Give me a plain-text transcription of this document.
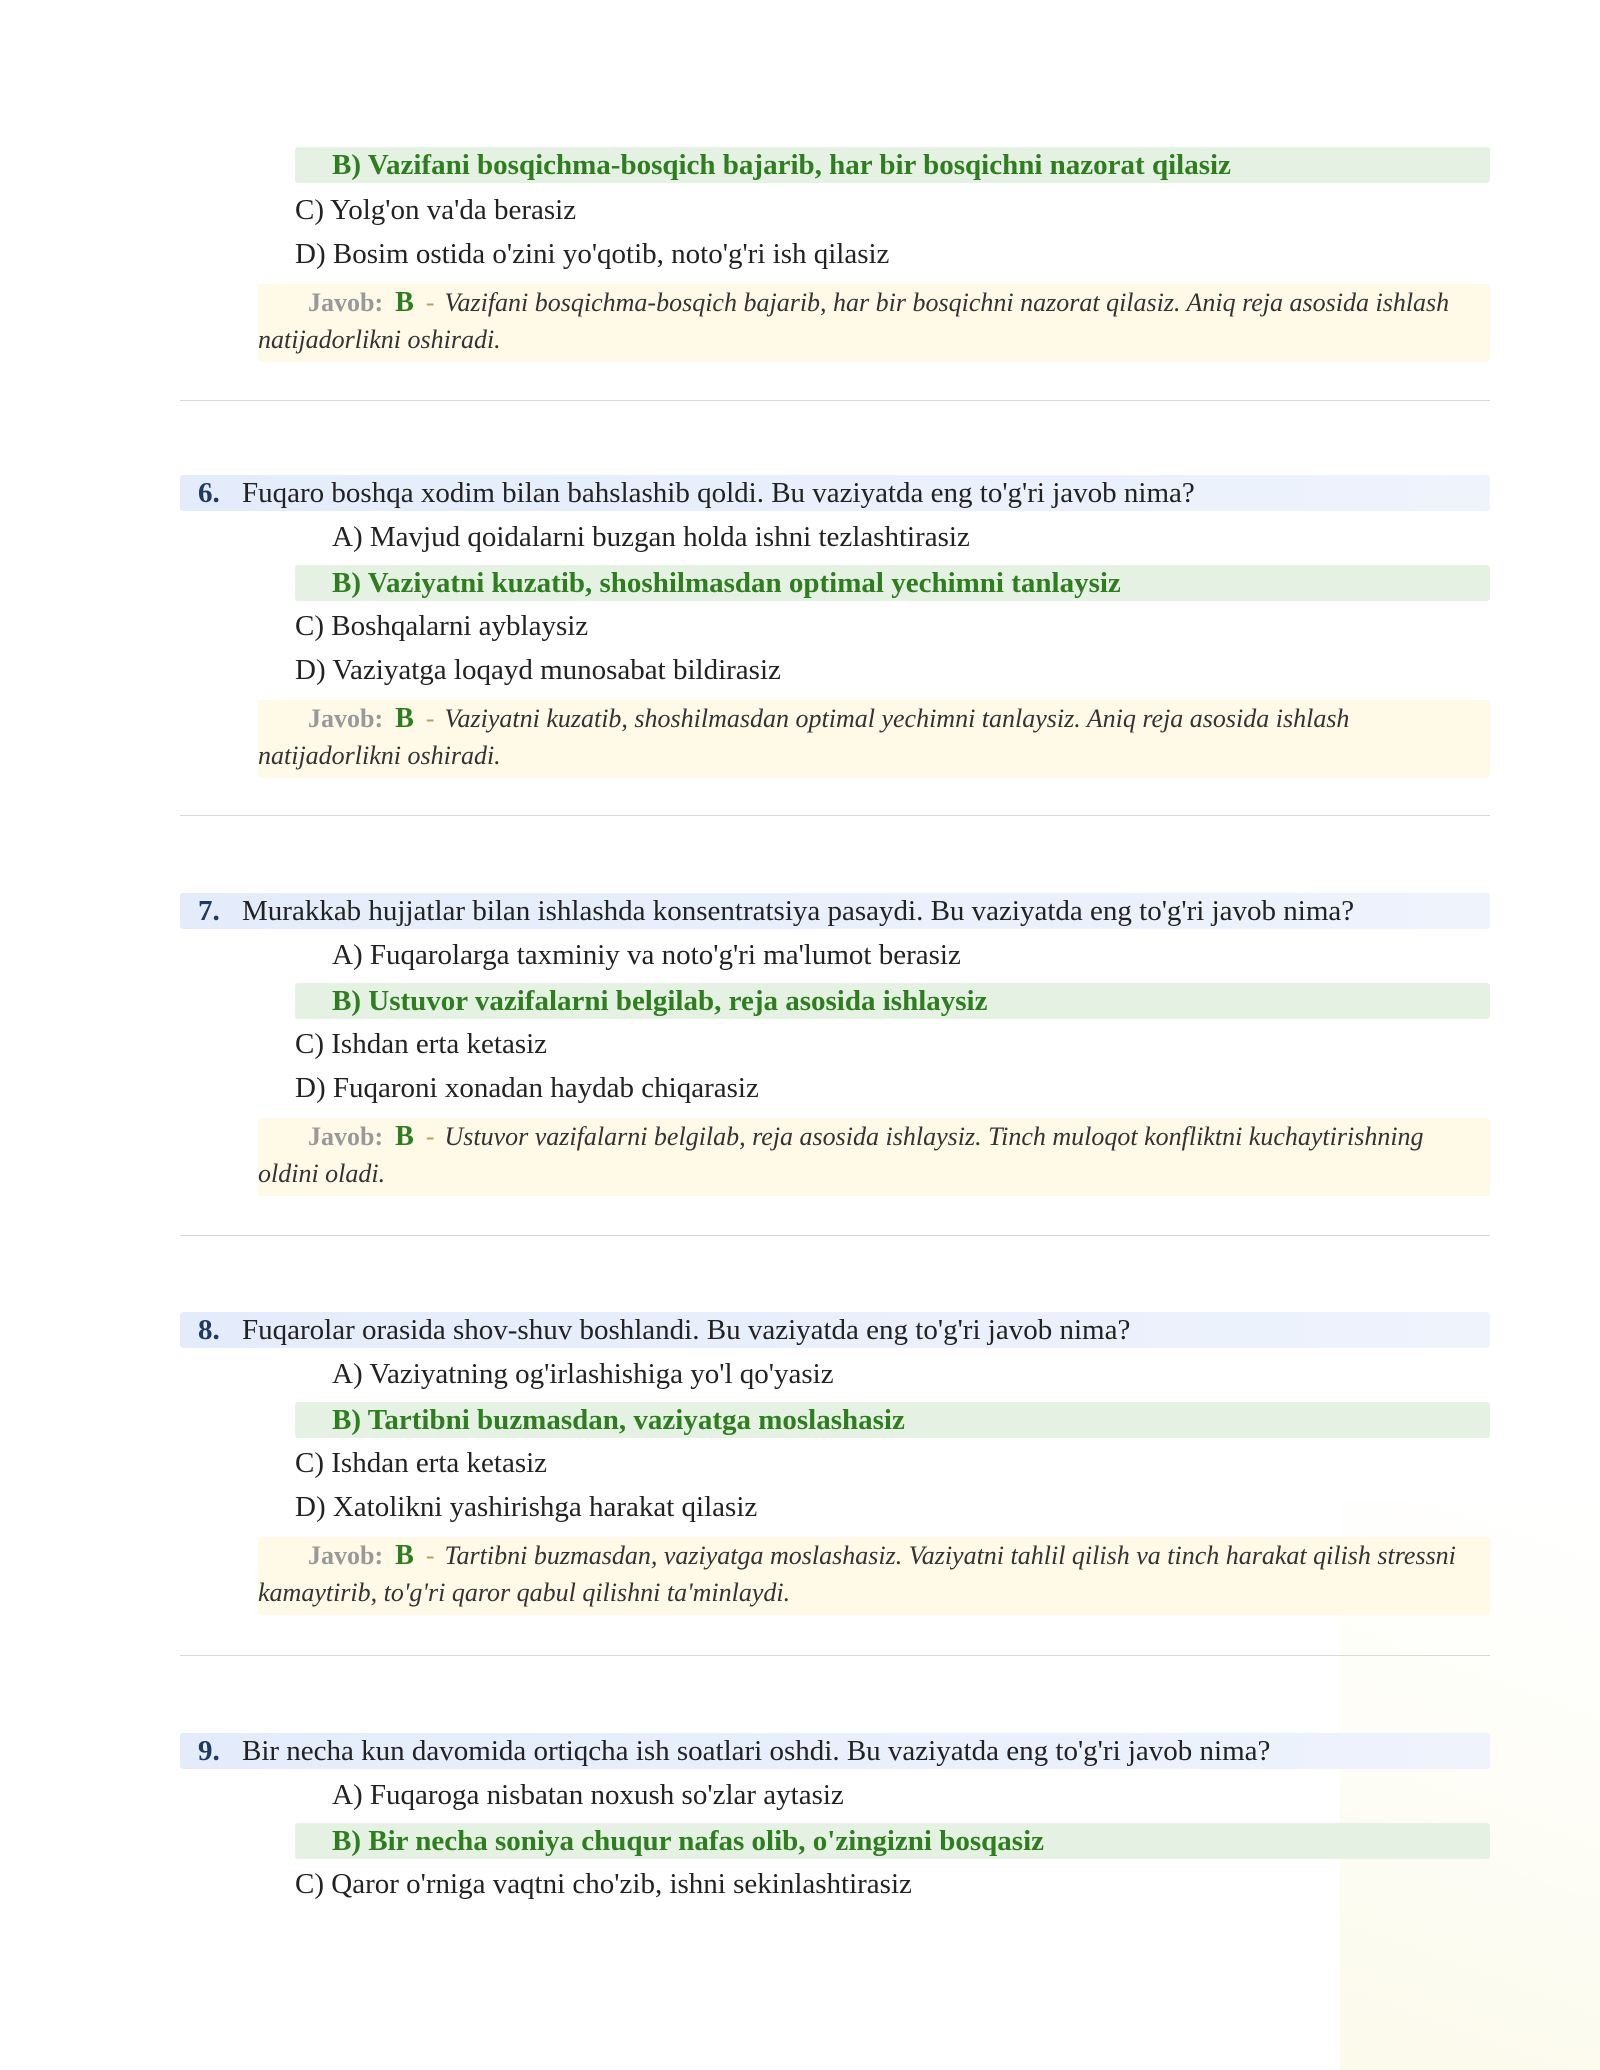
B) Vazifani bosqichma-bosqich bajarib, har bir bosqichni nazorat qilasiz
C) Yolg'on va'da berasiz
D) Bosim ostida o'zini yo'qotib, noto'g'ri ish qilasiz
Javob: B - Vazifani bosqichma-bosqich bajarib, har bir bosqichni nazorat qilasiz. Aniq reja asosida ishlash natijadorlikni oshiradi.
6. Fuqaro boshqa xodim bilan bahslashib qoldi. Bu vaziyatda eng to'g'ri javob nima?
A) Mavjud qoidalarni buzgan holda ishni tezlashtirasiz
B) Vaziyatni kuzatib, shoshilmasdan optimal yechimni tanlaysiz
C) Boshqalarni ayblaysiz
D) Vaziyatga loqayd munosabat bildirasiz
Javob: B - Vaziyatni kuzatib, shoshilmasdan optimal yechimni tanlaysiz. Aniq reja asosida ishlash natijadorlikni oshiradi.
7. Murakkab hujjatlar bilan ishlashda konsentratsiya pasaydi. Bu vaziyatda eng to'g'ri javob nima?
A) Fuqarolarga taxminiy va noto'g'ri ma'lumot berasiz
B) Ustuvor vazifalarni belgilab, reja asosida ishlaysiz
C) Ishdan erta ketasiz
D) Fuqaroni xonadan haydab chiqarasiz
Javob: B - Ustuvor vazifalarni belgilab, reja asosida ishlaysiz. Tinch muloqot konfliktni kuchaytirishning oldini oladi.
8. Fuqarolar orasida shov-shuv boshlandi. Bu vaziyatda eng to'g'ri javob nima?
A) Vaziyatning og'irlashishiga yo'l qo'yasiz
B) Tartibni buzmasdan, vaziyatga moslashasiz
C) Ishdan erta ketasiz
D) Xatolikni yashirishga harakat qilasiz
Javob: B - Tartibni buzmasdan, vaziyatga moslashasiz. Vaziyatni tahlil qilish va tinch harakat qilish stressni kamaytirib, to'g'ri qaror qabul qilishni ta'minlaydi.
9. Bir necha kun davomida ortiqcha ish soatlari oshdi. Bu vaziyatda eng to'g'ri javob nima?
A) Fuqaroga nisbatan noxush so'zlar aytasiz
B) Bir necha soniya chuqur nafas olib, o'zingizni bosqasiz
C) Qaror o'rniga vaqtni cho'zib, ishni sekinlashtirasiz
